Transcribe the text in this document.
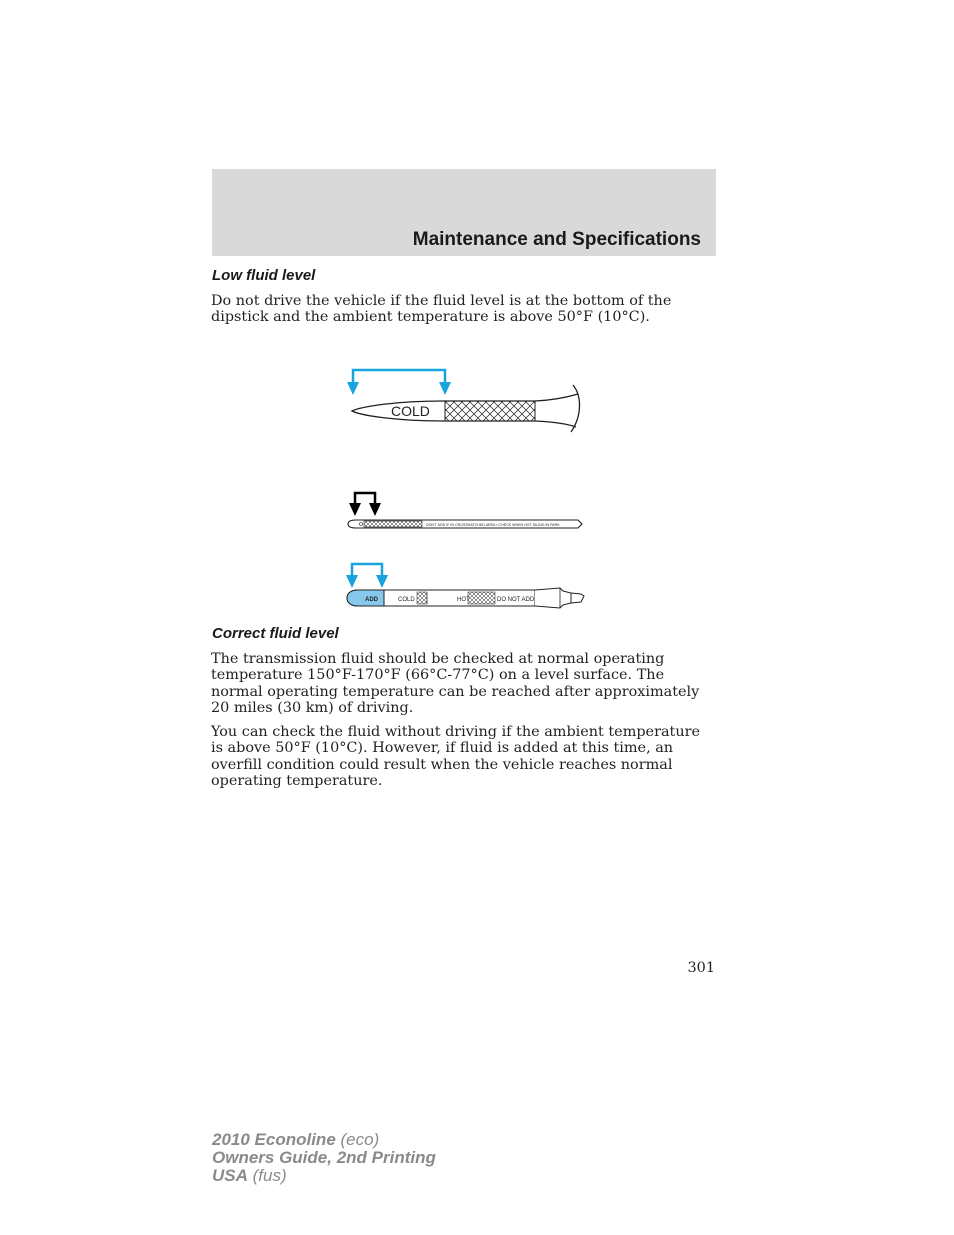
Maintenance and Specifications
Low fluid level

Do not drive the vehicle if the fluid level is at the bottom of the dipstick and the ambient temperature is above 50°F (10°C).

COLD
DON'T ADD IF IN CROSSHATCHED AREA • CHECK WHEN HOT IDLING IN PARK
ADD	COLD	HOT	DO NOT ADD
Correct fluid level

The transmission fluid should be checked at normal operating temperature 150°F-170°F (66°C-77°C) on a level surface. The normal operating temperature can be reached after approximately 20 miles (30 km) of driving.

You can check the fluid without driving if the ambient temperature is above 50°F (10°C). However, if fluid is added at this time, an overfill condition could result when the vehicle reaches normal operating temperature.

301
2010 Econoline (eco)
Owners Guide, 2nd Printing
USA (fus)
